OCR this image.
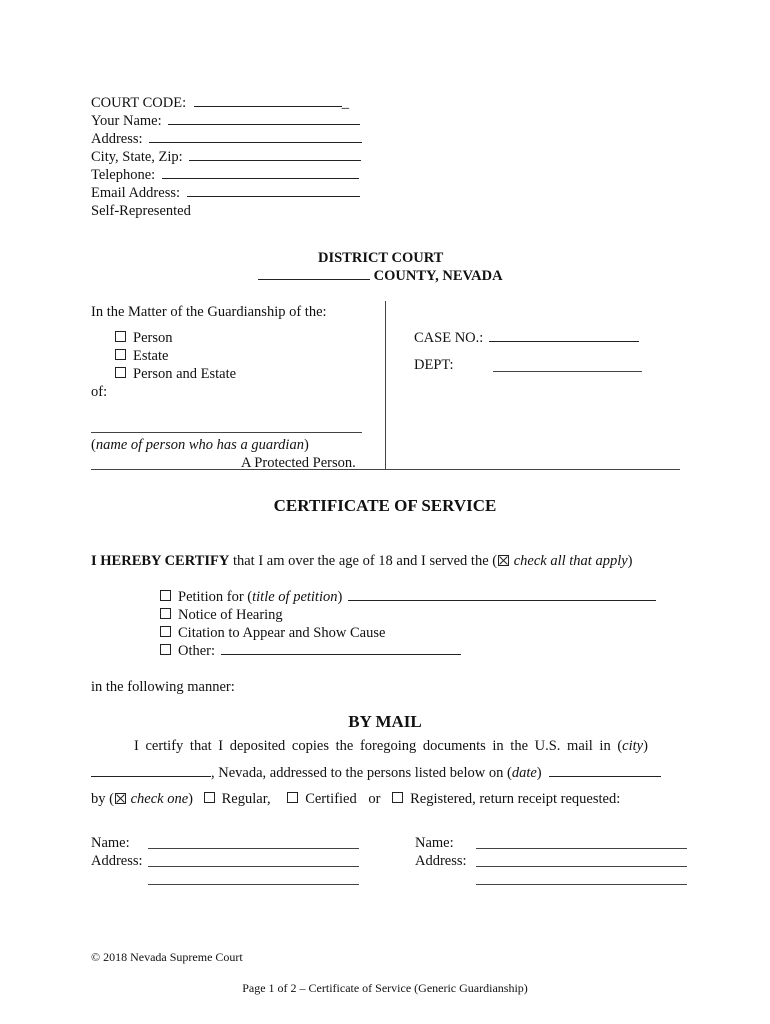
COURT CODE:	_
Your Name:
Address:
City, State, Zip:
Telephone:
Email Address:
Self-Represented
DISTRICT COURT
COUNTY, NEVADA
In the Matter of the Guardianship of the:
Person
Estate
Person and Estate
of:
(name of person who has a guardian)
A Protected Person.
CASE NO.:
DEPT:
CERTIFICATE OF SERVICE
I HEREBY CERTIFY that I am over the age of 18 and I served the ( check all that apply)
Petition for (title of petition)
Notice of Hearing
Citation to Appear and Show Cause
Other:
in the following manner:
BY MAIL
I certify that I deposited copies the foregoing documents in the U.S. mail in (city)
, Nevada, addressed to the persons listed below on (date)
by ( check one) Regular, Certified or Registered, return receipt requested:
Name:
Address:
Name:
Address:
© 2018 Nevada Supreme Court
Page 1 of 2 – Certificate of Service (Generic Guardianship)
